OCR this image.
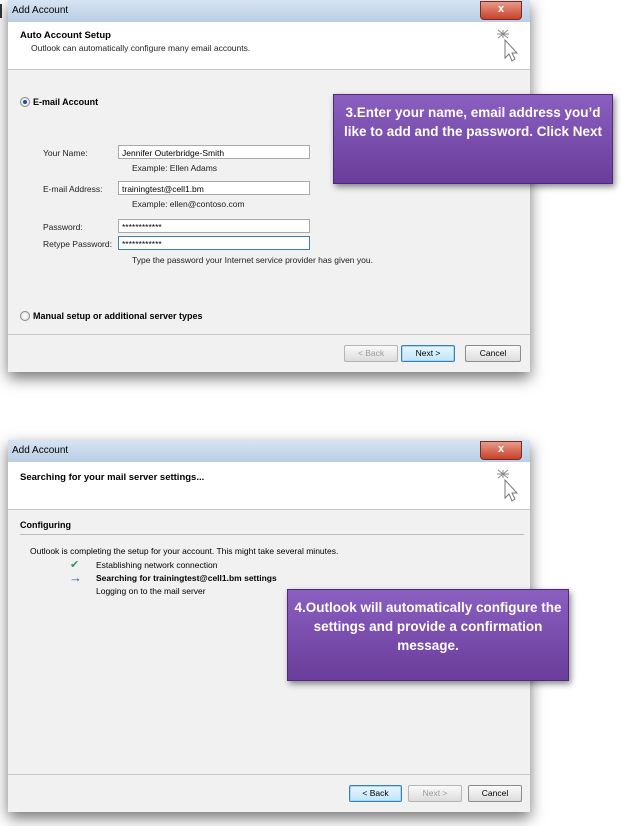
Add Account	x
Auto Account Setup
Outlook can automatically configure many email accounts.
E-mail Account
Your Name:	Jennifer Outerbridge-Smith
Example: Ellen Adams
E-mail Address:	trainingtest@cell1.bm
Example: ellen@contoso.com
Password:	************
Retype Password:	************
Type the password your Internet service provider has given you.
Manual setup or additional server types
< Back	Next >	Cancel
3.Enter your name, email address you’d like to add and the password. Click Next
Add Account	x
Searching for your mail server settings...
Configuring
Outlook is completing the setup for your account. This might take several minutes.
✔ Establishing network connection
→ Searching for trainingtest@cell1.bm settings
Logging on to the mail server
< Back	Next >	Cancel
4.Outlook will automatically configure the settings and provide a confirmation message.
